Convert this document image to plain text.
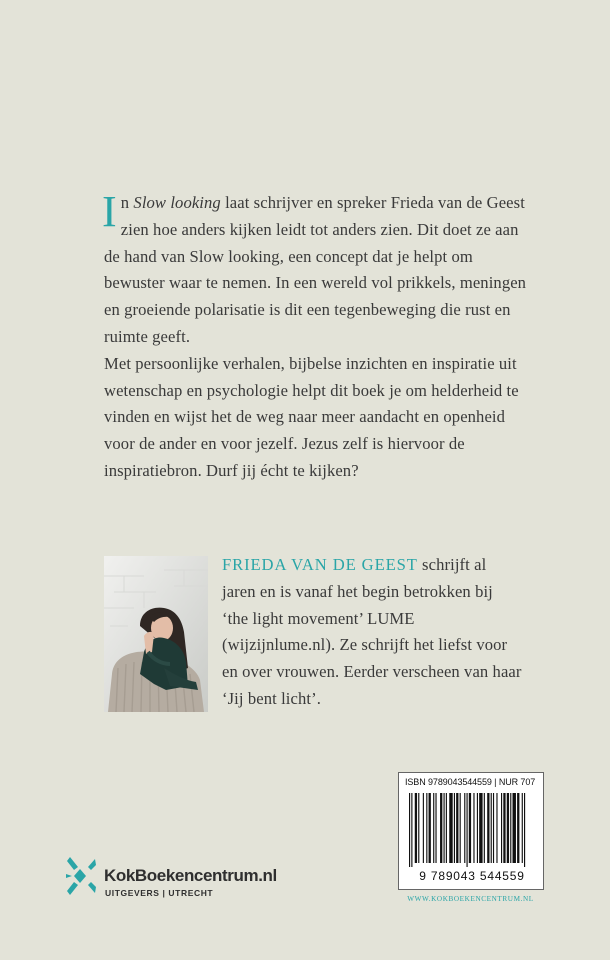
In Slow looking laat schrijver en spreker Frieda van de Geest zien hoe anders kijken leidt tot anders zien. Dit doet ze aan de hand van Slow looking, een concept dat je helpt om bewuster waar te nemen. In een wereld vol prikkels, meningen en groeiende polarisatie is dit een tegenbeweging die rust en ruimte geeft.

Met persoonlijke verhalen, bijbelse inzichten en inspiratie uit wetenschap en psychologie helpt dit boek je om helderheid te vinden en wijst het de weg naar meer aandacht en openheid voor de ander en voor jezelf. Jezus zelf is hiervoor de inspiratiebron. Durf jij écht te kijken?

FRIEDA VAN DE GEEST schrijft al jaren en is vanaf het begin betrokken bij ‘the light movement’ LUME (wijzijnlume.nl). Ze schrijft het liefst voor en over vrouwen. Eerder verscheen van haar ‘Jij bent licht’.

ISBN 9789043544559 | NUR 707
9 789043 544559
KokBoekencentrum.nl
UITGEVERS | UTRECHT
WWW.KOKBOEKENCENTRUM.NL
